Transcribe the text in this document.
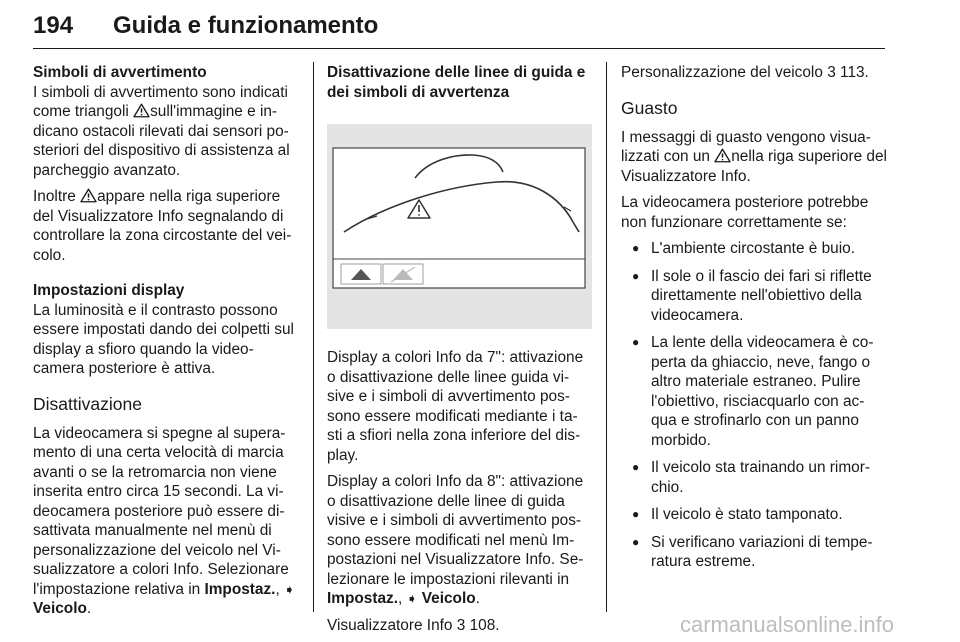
194 Guida e funzionamento

Simboli di avvertimento

I simboli di avvertimento sono indicati come triangoli sull'immagine e in-dicano ostacoli rilevati dai sensori po-steriori del dispositivo di assistenza al parcheggio avanzato.

Inoltre appare nella riga superiore del Visualizzatore Info segnalando di controllare la zona circostante del vei-colo.

Impostazioni display

La luminosità e il contrasto possono essere impostati dando dei colpetti sul display a sfioro quando la video-camera posteriore è attiva.

Disattivazione

La videocamera si spegne al supera-mento di una certa velocità di marcia avanti o se la retromarcia non viene inserita entro circa 15 secondi. La vi-deocamera posteriore può essere di-sattivata manualmente nel menù di personalizzazione del veicolo nel Vi-sualizzatore a colori Info. Selezionare l'impostazione relativa in Impostaz., ➧ Veicolo.

Disattivazione delle linee di guida e dei simboli di avvertenza

Display a colori Info da 7": attivazione o disattivazione delle linee guida vi-sive e i simboli di avvertimento pos-sono essere modificati mediante i ta-sti a sfiori nella zona inferiore del dis-play.

Display a colori Info da 8": attivazione o disattivazione delle linee di guida visive e i simboli di avvertimento pos-sono essere modificati nel menù Im-postazioni nel Visualizzatore Info. Se-lezionare le impostazioni rilevanti in Impostaz., ➧ Veicolo.

Visualizzatore Info 3 108.

Personalizzazione del veicolo 3 113.

Guasto

I messaggi di guasto vengono visua-lizzati con un nella riga superiore del Visualizzatore Info.

La videocamera posteriore potrebbe non funzionare correttamente se:

● L'ambiente circostante è buio.
● Il sole o il fascio dei fari si riflette direttamente nell'obiettivo della videocamera.
● La lente della videocamera è co-perta da ghiaccio, neve, fango o altro materiale estraneo. Pulire l'obiettivo, risciacquarlo con ac-qua e strofinarlo con un panno morbido.
● Il veicolo sta trainando un rimor-chio.
● Il veicolo è stato tamponato.
● Si verificano variazioni di tempe-ratura estreme.
carmanualsonline.info
